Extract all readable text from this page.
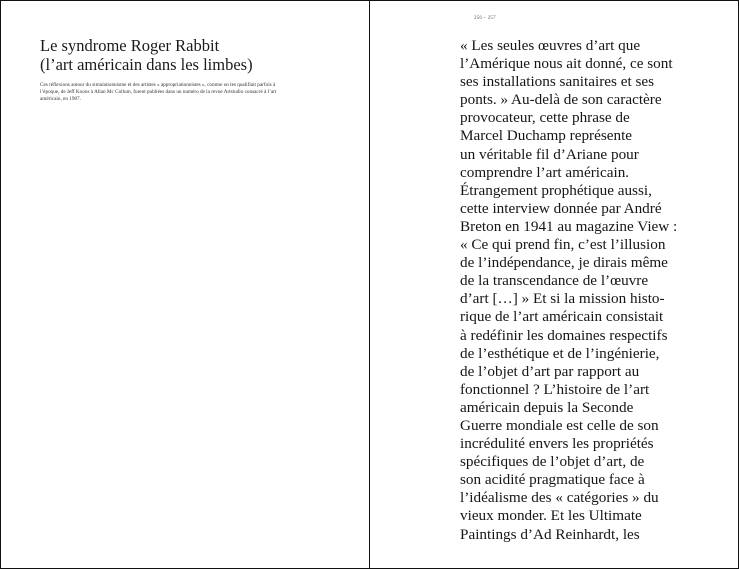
Le syndrome Roger Rabbit
(l’art américain dans les limbes)

Ces réflexions autour du simulationnisme et des artistes « appropriationnistes », comme on les qualifiait parfois à l’époque, de Jeff Koons à Allan Mc Collum, furent publiées dans un numéro de la revue Artstudio consacré à l’art américain, en 1987.

256 – 257

« Les seules œuvres d’art que
l’Amérique nous ait donné, ce sont
ses installations sanitaires et ses
ponts. » Au-delà de son caractère
provocateur, cette phrase de
Marcel Duchamp représente
un véritable fil d’Ariane pour
comprendre l’art américain.
Étrangement prophétique aussi,
cette interview donnée par André
Breton en 1941 au magazine View :
« Ce qui prend fin, c’est l’illusion
de l’indépendance, je dirais même
de la transcendance de l’œuvre
d’art […] » Et si la mission histo-
rique de l’art américain consistait
à redéfinir les domaines respectifs
de l’esthétique et de l’ingénierie,
de l’objet d’art par rapport au
fonctionnel ? L’histoire de l’art
américain depuis la Seconde
Guerre mondiale est celle de son
incrédulité envers les propriétés
spécifiques de l’objet d’art, de
son acidité pragmatique face à
l’idéalisme des « catégories » du
vieux monder. Et les Ultimate
Paintings d’Ad Reinhardt, les
